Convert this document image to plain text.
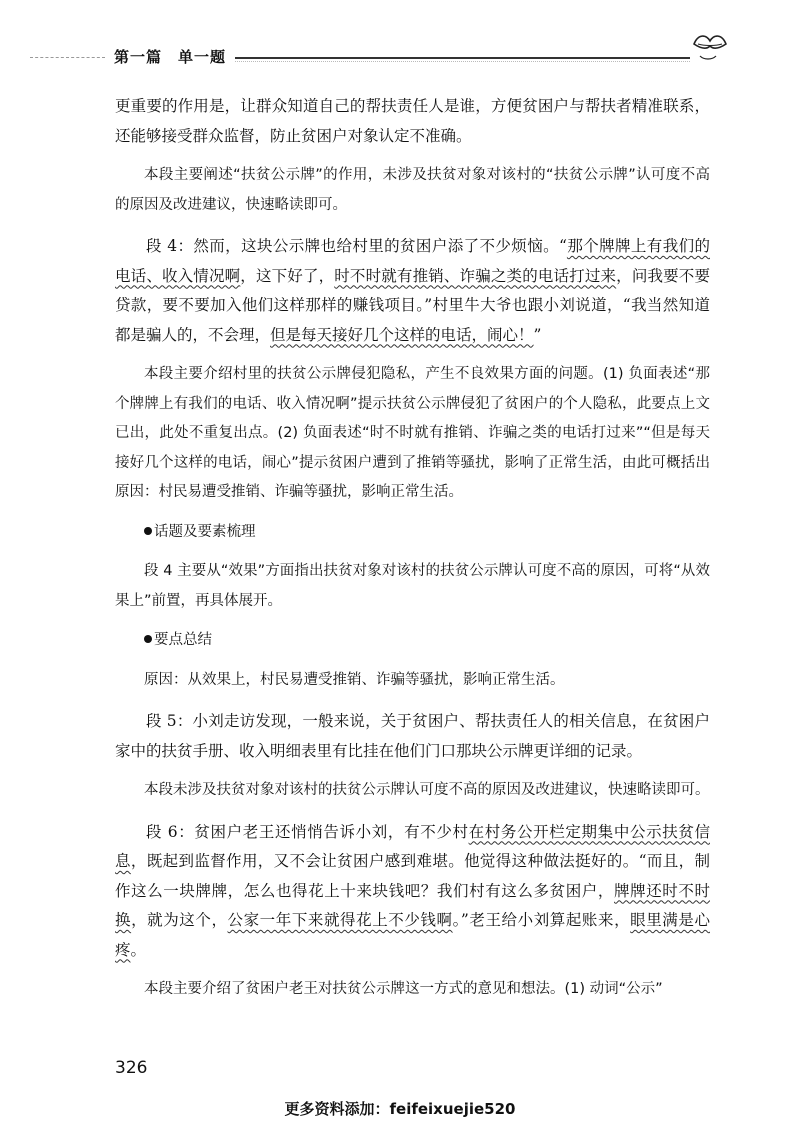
第一篇　单一题

更重要的作用是，让群众知道自己的帮扶责任人是谁，方便贫困户与帮扶者精准联系，还能够接受群众监督，防止贫困户对象认定不准确。

本段主要阐述“扶贫公示牌”的作用，未涉及扶贫对象对该村的“扶贫公示牌”认可度不高的原因及改进建议，快速略读即可。

段 4：然而，这块公示牌也给村里的贫困户添了不少烦恼。“那个牌牌上有我们的电话、收入情况啊，这下好了，时不时就有推销、诈骗之类的电话打过来，问我要不要贷款，要不要加入他们这样那样的赚钱项目。”村里牛大爷也跟小刘说道，“我当然知道都是骗人的，不会理，但是每天接好几个这样的电话，闹心！”

本段主要介绍村里的扶贫公示牌侵犯隐私，产生不良效果方面的问题。(1) 负面表述“那个牌牌上有我们的电话、收入情况啊”提示扶贫公示牌侵犯了贫困户的个人隐私，此要点上文已出，此处不重复出点。(2) 负面表述“时不时就有推销、诈骗之类的电话打过来”“但是每天接好几个这样的电话，闹心”提示贫困户遭到了推销等骚扰，影响了正常生活，由此可概括出原因：村民易遭受推销、诈骗等骚扰，影响正常生活。

话题及要素梳理

段 4 主要从“效果”方面指出扶贫对象对该村的扶贫公示牌认可度不高的原因，可将“从效果上”前置，再具体展开。

要点总结

原因：从效果上，村民易遭受推销、诈骗等骚扰，影响正常生活。

段 5：小刘走访发现，一般来说，关于贫困户、帮扶责任人的相关信息，在贫困户家中的扶贫手册、收入明细表里有比挂在他们门口那块公示牌更详细的记录。

本段未涉及扶贫对象对该村的扶贫公示牌认可度不高的原因及改进建议，快速略读即可。

段 6：贫困户老王还悄悄告诉小刘，有不少村在村务公开栏定期集中公示扶贫信息，既起到监督作用，又不会让贫困户感到难堪。他觉得这种做法挺好的。“而且，制作这么一块牌牌，怎么也得花上十来块钱吧？我们村有这么多贫困户，牌牌还时不时换，就为这个，公家一年下来就得花上不少钱啊。”老王给小刘算起账来，眼里满是心疼。

本段主要介绍了贫困户老王对扶贫公示牌这一方式的意见和想法。(1) 动词“公示”

326
更多资料添加：feifeixuejie520
